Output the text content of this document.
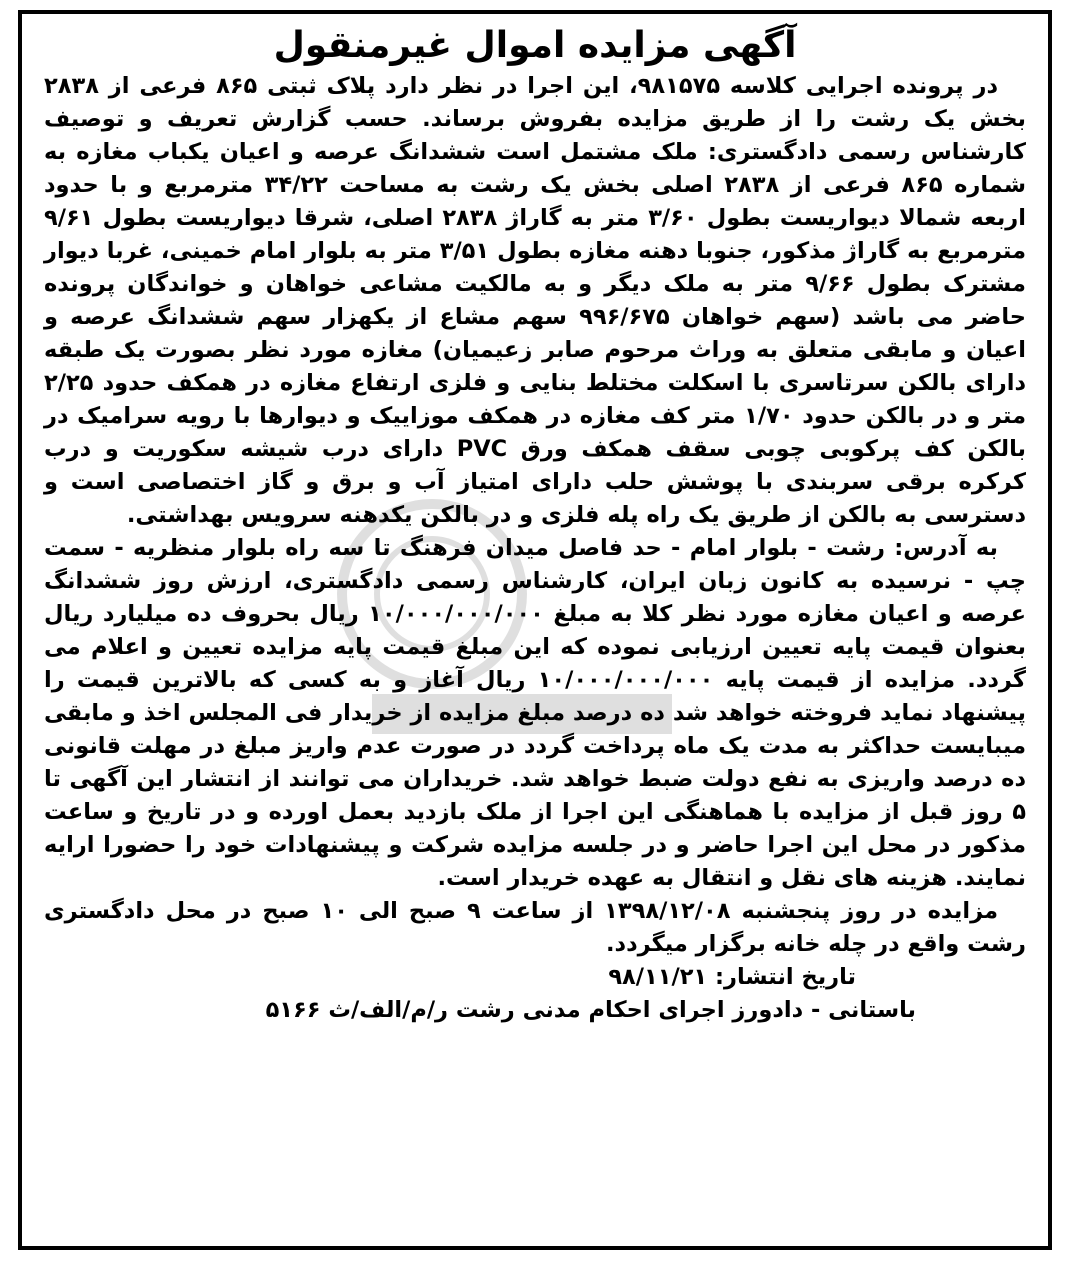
آگهی مزایده اموال غیرمنقول

در پرونده اجرایی کلاسه ۹۸۱۵۷۵، این اجرا در نظر دارد پلاک ثبتی ۸۶۵ فرعی از ۲۸۳۸ بخش یک رشت را از طریق مزایده بفروش برساند. حسب گزارش تعریف و توصیف کارشناس رسمی دادگستری: ملک مشتمل است ششدانگ عرصه و اعیان یکباب مغازه به شماره ۸۶۵ فرعی از ۲۸۳۸ اصلی بخش یک رشت به مساحت ۳۴/۲۲ مترمربع و با حدود اربعه شمالا دیواریست بطول ۳/۶۰ متر به گاراژ ۲۸۳۸ اصلی، شرقا دیواریست بطول ۹/۶۱ مترمربع به گاراژ مذکور، جنوبا دهنه مغازه بطول ۳/۵۱ متر به بلوار امام خمینی، غربا دیوار مشترک بطول ۹/۶۶ متر به ملک دیگر و به مالکیت مشاعی خواهان و خواندگان پرونده حاضر می باشد (سهم خواهان ۹۹۶/۶۷۵ سهم مشاع از یکهزار سهم ششدانگ عرصه و اعیان و مابقی متعلق به وراث مرحوم صابر زعیمیان) مغازه مورد نظر بصورت یک طبقه دارای بالکن سرتاسری با اسکلت مختلط بنایی و فلزی ارتفاع مغازه در همکف حدود ۲/۲۵ متر و در بالکن حدود ۱/۷۰ متر کف مغازه در همکف موزاییک و دیوارها با رویه سرامیک در بالکن کف پرکوبی چوبی سقف همکف ورق PVC دارای درب شیشه سکوریت و درب کرکره برقی سربندی با پوشش حلب دارای امتیاز آب و برق و گاز اختصاصی است و دسترسی به بالکن از طریق یک راه پله فلزی و در بالکن یکدهنه سرویس بهداشتی.

به آدرس: رشت - بلوار امام - حد فاصل میدان فرهنگ تا سه راه بلوار منظریه - سمت چپ - نرسیده به کانون زبان ایران، کارشناس رسمی دادگستری، ارزش روز ششدانگ عرصه و اعیان مغازه مورد نظر کلا به مبلغ ۱۰/۰۰۰/۰۰۰/۰۰۰ ریال بحروف ده میلیارد ریال بعنوان قیمت پایه تعیین ارزیابی نموده که این مبلغ قیمت پایه مزایده تعیین و اعلام می گردد. مزایده از قیمت پایه ۱۰/۰۰۰/۰۰۰/۰۰۰ ریال آغاز و به کسی که بالاترین قیمت را پیشنهاد نماید فروخته خواهد شد ده درصد مبلغ مزایده از خریدار فی المجلس اخذ و مابقی میبایست حداکثر به مدت یک ماه پرداخت گردد در صورت عدم واریز مبلغ در مهلت قانونی ده درصد واریزی به نفع دولت ضبط خواهد شد. خریداران می توانند از انتشار این آگهی تا ۵ روز قبل از مزایده با هماهنگی این اجرا از ملک بازدید بعمل اورده و در تاریخ و ساعت مذکور در محل این اجرا حاضر و در جلسه مزایده شرکت و پیشنهادات خود را حضورا ارایه نمایند. هزینه های نقل و انتقال به عهده خریدار است.

مزایده در روز پنجشنبه ۱۳۹۸/۱۲/۰۸ از ساعت ۹ صبح الی ۱۰ صبح در محل دادگستری رشت واقع در چله خانه برگزار میگردد.

تاریخ انتشار: ۹۸/۱۱/۲۱

باستانی - دادورز اجرای احکام مدنی رشت ر/م/الف/ث ۵۱۶۶
